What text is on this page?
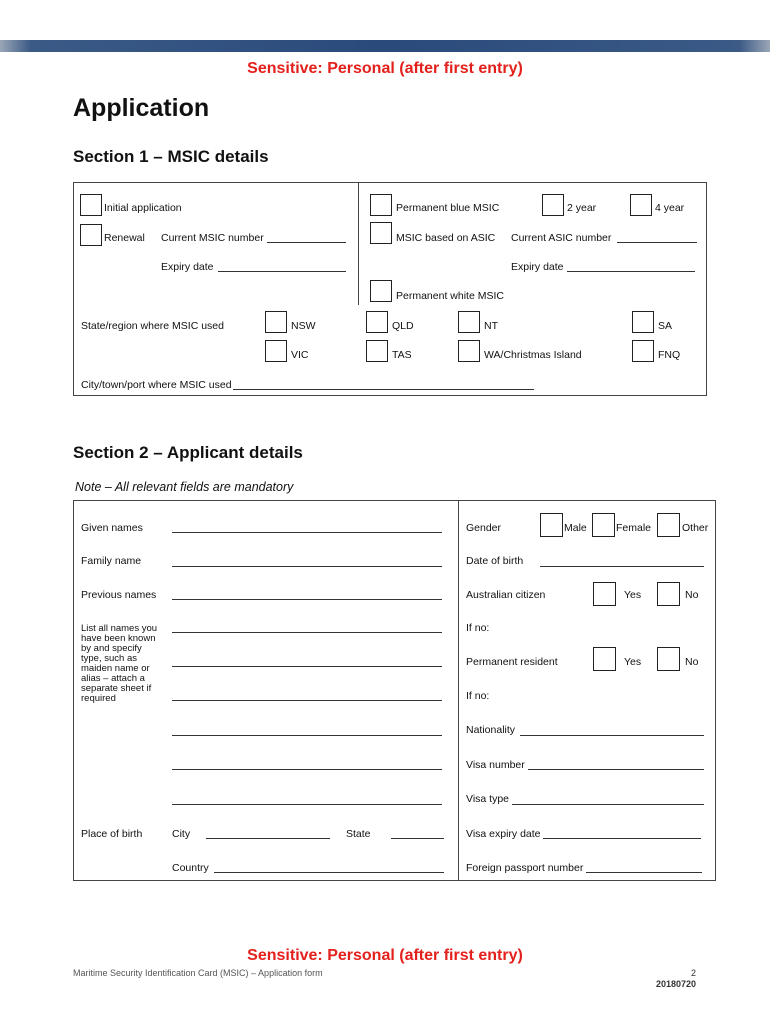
Sensitive: Personal (after first entry)
Application
Section 1 – MSIC details
Initial application
Renewal Current MSIC number
Expiry date
Permanent blue MSIC	2 year	4 year
MSIC based on ASIC Current ASIC number
Expiry date
Permanent white MSIC
State/region where MSIC used	NSW	QLD	NT	SA
VIC	TAS	WA/Christmas Island	FNQ
City/town/port where MSIC used
Section 2 – Applicant details
Note – All relevant fields are mandatory
Given names
Family name
Previous names
List all names you have been known by and specify type, such as maiden name or alias – attach a separate sheet if required
Place of birth	City	State
Country
Gender	Male	Female	Other
Date of birth
Australian citizen	Yes	No
If no:
Permanent resident	Yes	No
If no:
Nationality
Visa number
Visa type
Visa expiry date
Foreign passport number
Sensitive: Personal (after first entry)
Maritime Security Identification Card (MSIC) – Application form	2
20180720
